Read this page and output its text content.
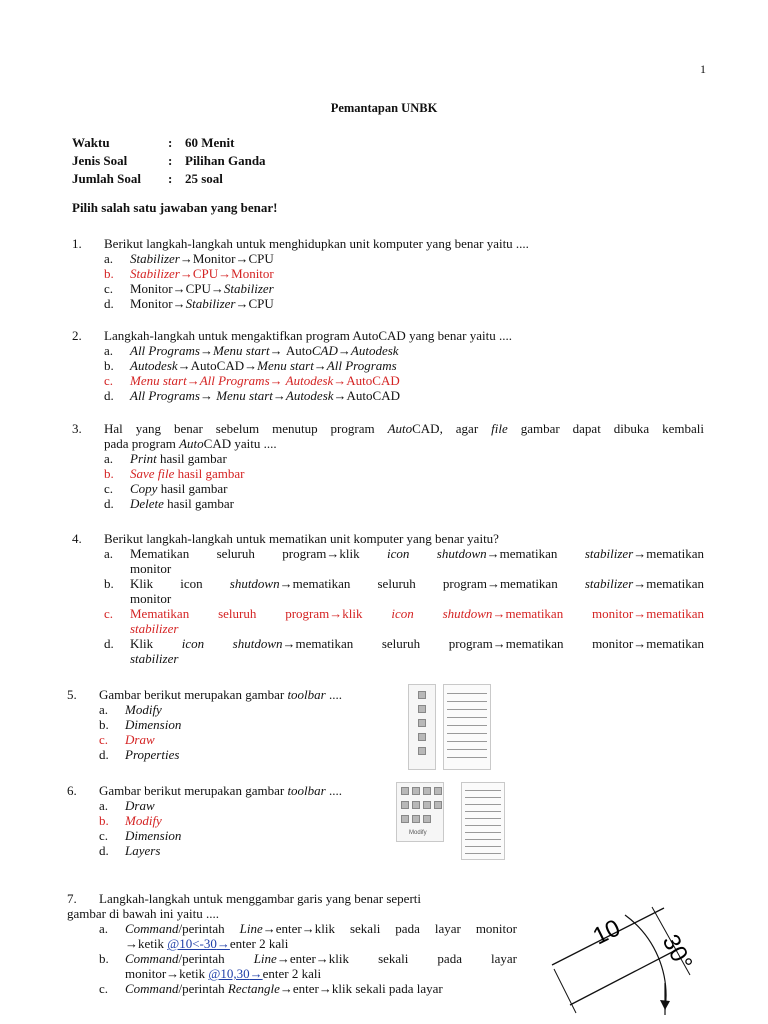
1
Pemantapan UNBK
Waktu	: 60 Menit
Jenis Soal	: Pilihan Ganda
Jumlah Soal : 25 soal
Pilih salah satu jawaban yang benar!
1. Berikut langkah-langkah untuk menghidupkan unit komputer yang benar yaitu ....
a. Stabilizer→Monitor→CPU
b. Stabilizer→CPU→Monitor
c. Monitor→CPU→Stabilizer
d. Monitor→Stabilizer→CPU
2. Langkah-langkah untuk mengaktifkan program AutoCAD yang benar yaitu ....
a. All Programs→Menu start→ AutoCAD→Autodesk
b. Autodesk→AutoCAD→Menu start→All Programs
c. Menu start→All Programs→ Autodesk→AutoCAD
d. All Programs→ Menu start→Autodesk→AutoCAD
3. Hal yang benar sebelum menutup program AutoCAD, agar file gambar dapat dibuka kembali
pada program AutoCAD yaitu ....
a. Print hasil gambar
b. Save file hasil gambar
c. Copy hasil gambar
d. Delete hasil gambar
4. Berikut langkah-langkah untuk mematikan unit komputer yang benar yaitu?
a. Mematikan seluruh program→klik icon shutdown→mematikan stabilizer→mematikan
monitor
b. Klik icon shutdown→mematikan seluruh program→mematikan stabilizer→mematikan
monitor
c. Mematikan seluruh program→klik icon shutdown→mematikan monitor→mematikan
stabilizer
d. Klik icon shutdown→mematikan seluruh program→mematikan monitor→mematikan
stabilizer
5. Gambar berikut merupakan gambar toolbar ....
a. Modify
b. Dimension
c. Draw
d. Properties
6. Gambar berikut merupakan gambar toolbar ....
a. Draw
b. Modify
c. Dimension
d. Layers
Modify
7. Langkah-langkah untuk menggambar garis yang benar seperti
gambar di bawah ini yaitu ....
a. Command/perintah Line→enter→klik sekali pada layar monitor
→ketik @10<-30→enter 2 kali
b. Command/perintah Line→enter→klik sekali pada layar
monitor→ketik @10,30→enter 2 kali
c. Command/perintah Rectangle→enter→klik sekali pada layar
10 30°
